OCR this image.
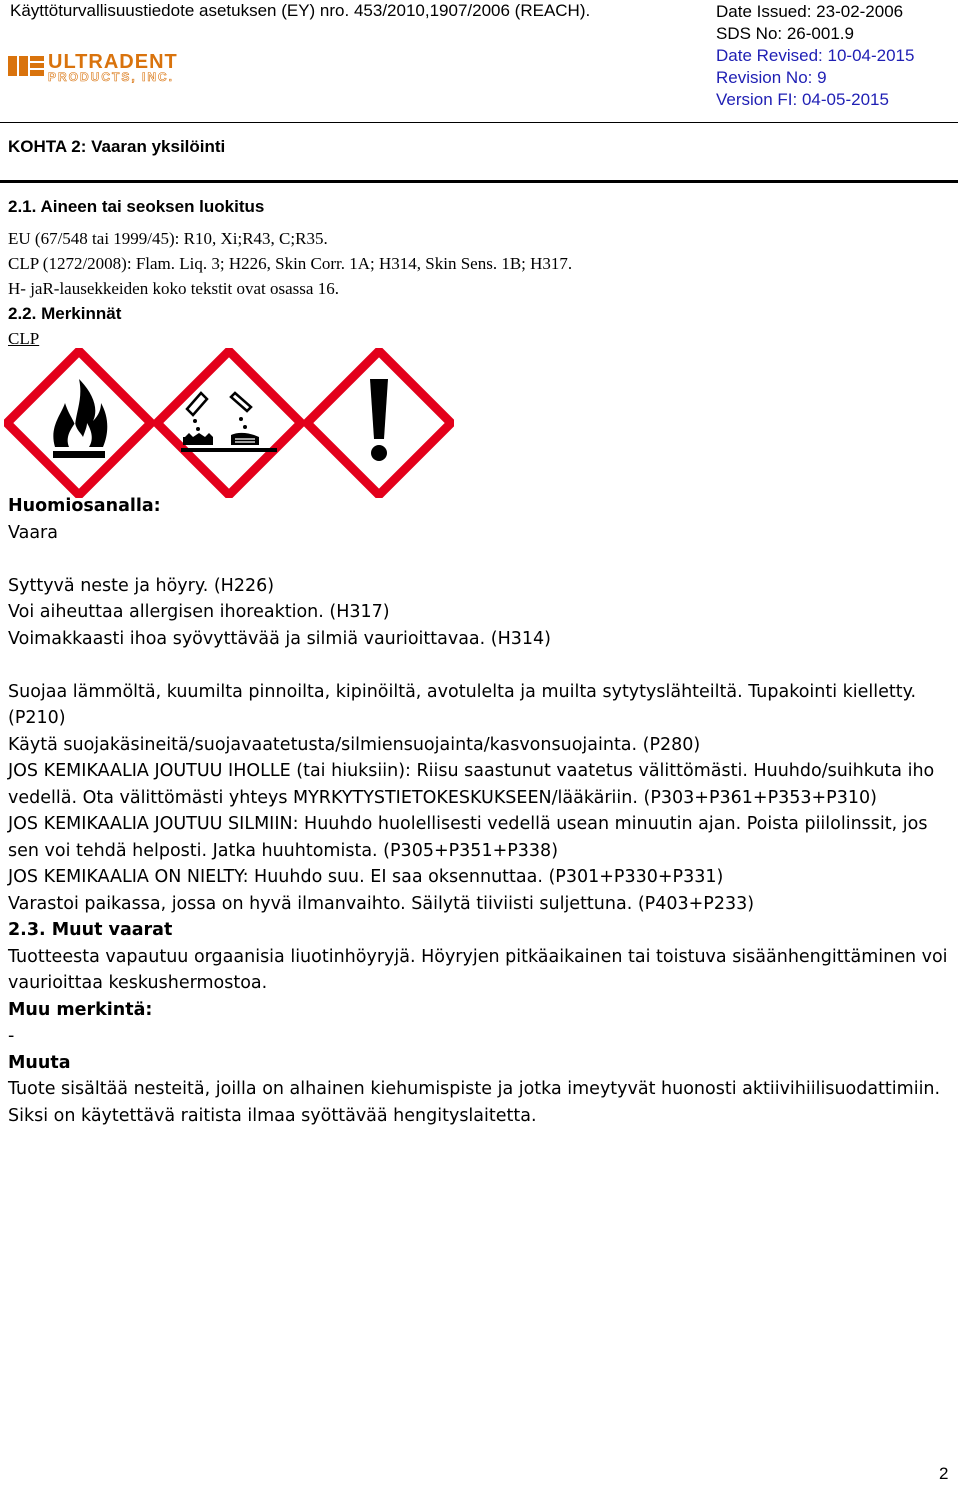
Käyttöturvallisuustiedote asetuksen (EY) nro. 453/2010,1907/2006 (REACH).	Date Issued: 23-02-2006
SDS No: 26-001.9
Date Revised: 10-04-2015
Revision No: 9
Version FI: 04-05-2015
ULTRADENT
PRODUCTS, INC.
KOHTA 2: Vaaran yksilöinti
2.1. Aineen tai seoksen luokitus
EU (67/548 tai 1999/45): R10, Xi;R43, C;R35.
CLP (1272/2008): Flam. Liq. 3; H226, Skin Corr. 1A; H314, Skin Sens. 1B; H317.
H- jaR-lausekkeiden koko tekstit ovat osassa 16.
2.2. Merkinnät
CLP
Huomiosanalla:
Vaara
Syttyvä neste ja höyry. (H226)
Voi aiheuttaa allergisen ihoreaktion. (H317)
Voimakkaasti ihoa syövyttävää ja silmiä vaurioittavaa. (H314)
Suojaa lämmöltä, kuumilta pinnoilta, kipinöiltä, avotulelta ja muilta sytytyslähteiltä. Tupakointi kielletty.
(P210)
Käytä suojakäsineitä/suojavaatetusta/silmiensuojainta/kasvonsuojainta. (P280)
JOS KEMIKAALIA JOUTUU IHOLLE (tai hiuksiin): Riisu saastunut vaatetus välittömästi. Huuhdo/suihkuta iho
vedellä. Ota välittömästi yhteys MYRKYTYSTIETOKESKUKSEEN/lääkäriin. (P303+P361+P353+P310)
JOS KEMIKAALIA JOUTUU SILMIIN: Huuhdo huolellisesti vedellä usean minuutin ajan. Poista piilolinssit, jos
sen voi tehdä helposti. Jatka huuhtomista. (P305+P351+P338)
JOS KEMIKAALIA ON NIELTY: Huuhdo suu. EI saa oksennuttaa. (P301+P330+P331)
Varastoi paikassa, jossa on hyvä ilmanvaihto. Säilytä tiiviisti suljettuna. (P403+P233)
2.3. Muut vaarat
Tuotteesta vapautuu orgaanisia liuotinhöyryjä. Höyryjen pitkäaikainen tai toistuva sisäänhengittäminen voi
vaurioittaa keskushermostoa.
Muu merkintä:
-
Muuta
Tuote sisältää nesteitä, joilla on alhainen kiehumispiste ja jotka imeytyvät huonosti aktiivihiilisuodattimiin.
Siksi on käytettävä raitista ilmaa syöttävää hengityslaitetta.
2
